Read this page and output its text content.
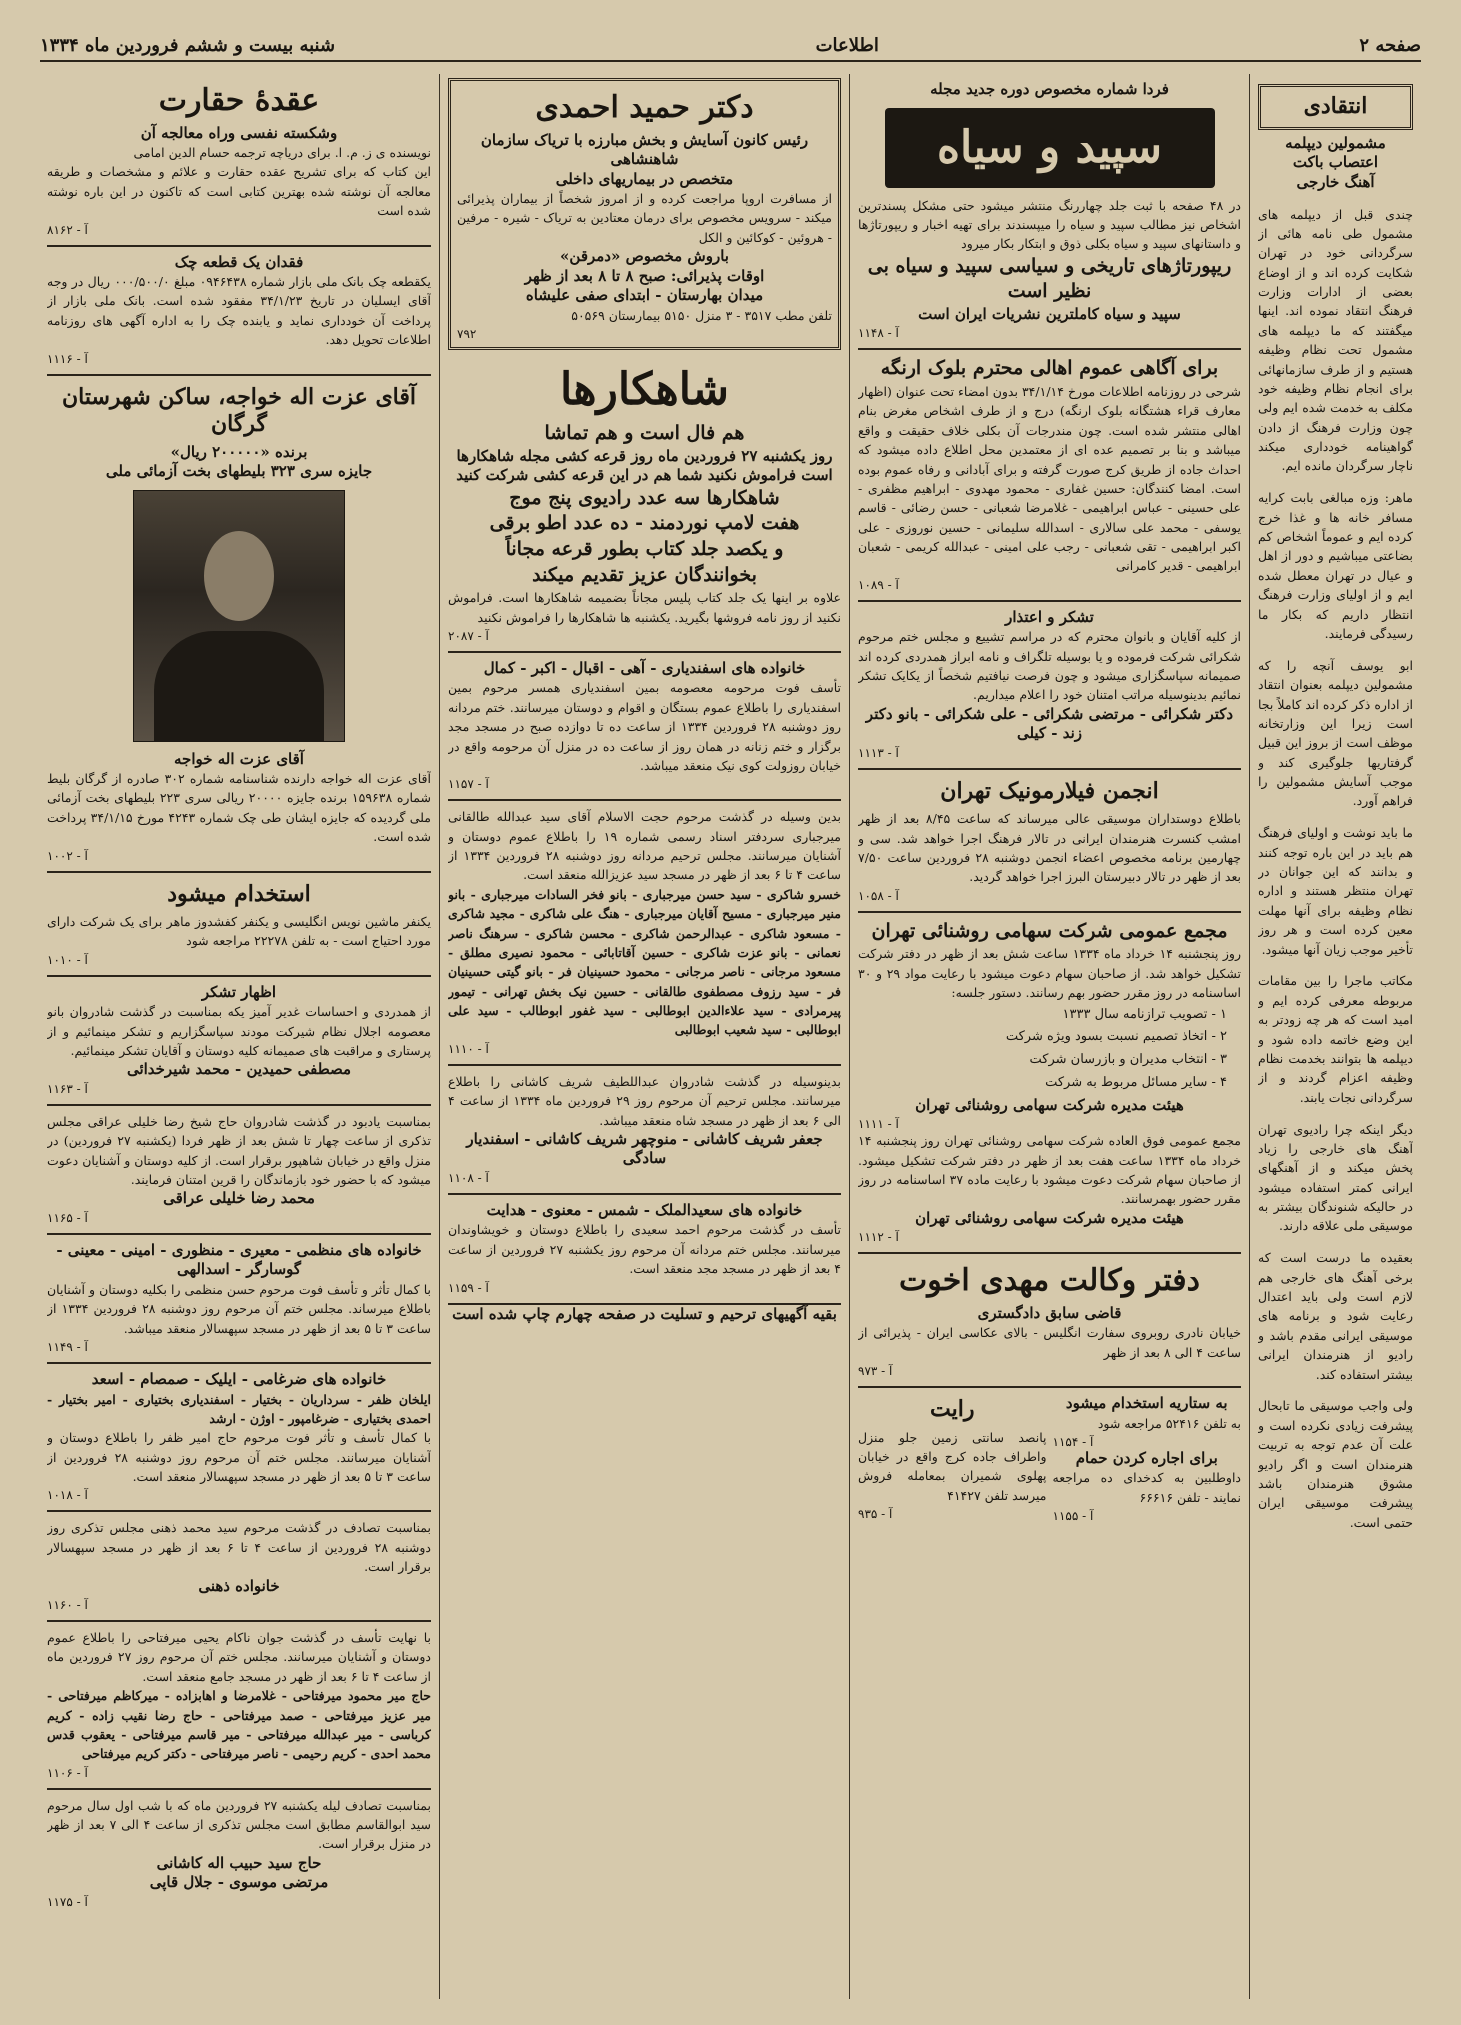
صفحه ۲
اطلاعات
شنبه بیست و ششم فروردین ماه ۱۳۳۴
انتقادی
مشمولین دیپلمه اعتصاب باکت
آهنگ خارجی

چندی قبل از دیپلمه های مشمول طی نامه هائی از سرگردانی خود در تهران شکایت کرده اند و از اوضاع بعضی از ادارات وزارت فرهنگ انتقاد نموده اند. اینها میگفتند که ما دیپلمه های مشمول تحت نظام وظیفه هستیم و از طرف سازمانهائی برای انجام نظام وظیفه خود مکلف به خدمت شده ایم ولی چون وزارت فرهنگ از دادن گواهینامه خودداری میکند ناچار سرگردان مانده ایم.

ماهر: وزه مبالغی بابت کرایه مسافر خانه ها و غذا خرج کرده ایم و عموماً اشخاص کم بضاعتی میباشیم و دور از اهل و عیال در تهران معطل شده ایم و از اولیای وزارت فرهنگ انتظار داریم که بکار ما رسیدگی فرمایند.

ابو یوسف آنچه را که مشمولین دیپلمه بعنوان انتقاد از اداره ذکر کرده اند کاملاً بجا است زیرا این وزارتخانه موظف است از بروز این قبیل گرفتاریها جلوگیری کند و موجب آسایش مشمولین را فراهم آورد.

ما باید نوشت و اولیای فرهنگ هم باید در این باره توجه کنند و بدانند که این جوانان در تهران منتظر هستند و اداره نظام وظیفه برای آنها مهلت معین کرده است و هر روز تأخیر موجب زیان آنها میشود.

مکاتب ماجرا را بین مقامات مربوطه معرفی کرده ایم و امید است که هر چه زودتر به این وضع خاتمه داده شود و دیپلمه ها بتوانند بخدمت نظام وظیفه اعزام گردند و از سرگردانی نجات یابند.

دیگر اینکه چرا رادیوی تهران آهنگ های خارجی را زیاد پخش میکند و از آهنگهای ایرانی کمتر استفاده میشود در حالیکه شنوندگان بیشتر به موسیقی ملی علاقه دارند.

بعقیده ما درست است که برخی آهنگ های خارجی هم لازم است ولی باید اعتدال رعایت شود و برنامه های موسیقی ایرانی مقدم باشد و رادیو از هنرمندان ایرانی بیشتر استفاده کند.

ولی واجب موسیقی ما تابحال پیشرفت زیادی نکرده است و علت آن عدم توجه به تربیت هنرمندان است و اگر رادیو مشوق هنرمندان باشد پیشرفت موسیقی ایران حتمی است.

فردا شماره مخصوص دوره جدید مجله
سپید و سیاه
در ۴۸ صفحه با ثبت جلد چهاررنگ منتشر میشود حتی مشکل پسندترین اشخاص نیز مطالب سپید و سیاه را میپسندند برای تهیه اخبار و ریپورتاژها و داستانهای سپید و سیاه بکلی ذوق و ابتکار بکار میرود
ریپورتاژهای تاریخی و سیاسی سپید و سیاه بی نظیر است
سپید و سیاه کاملترین نشریات ایران است
آ - ۱۱۴۸
برای آگاهی عموم اهالی محترم بلوک ارنگه
شرحی در روزنامه اطلاعات مورخ ۳۴/۱/۱۴ بدون امضاء تحت عنوان (اظهار معارف قراء هشتگانه بلوک ارنگه) درج و از طرف اشخاص مغرض بنام اهالی منتشر شده است. چون مندرجات آن بکلی خلاف حقیقت و واقع میباشد و بنا بر تصمیم عده ای از معتمدین محل اطلاع داده میشود که احداث جاده از طریق کرج صورت گرفته و برای آبادانی و رفاه عموم بوده است. امضا کنندگان: حسین غفاری - محمود مهدوی - ابراهیم مظفری - علی حسینی - عباس ابراهیمی - غلامرضا شعبانی - حسن رضائی - قاسم یوسفی - محمد علی سالاری - اسدالله سلیمانی - حسین نوروزی - علی اکبر ابراهیمی - تقی شعبانی - رجب علی امینی - عبدالله کریمی - شعبان ابراهیمی - قدیر کامرانی
آ - ۱۰۸۹
تشکر و اعتذار
از کلیه آقایان و بانوان محترم که در مراسم تشییع و مجلس ختم مرحوم شکرائی شرکت فرموده و یا بوسیله تلگراف و نامه ابراز همدردی کرده اند صمیمانه سپاسگزاری میشود و چون فرصت نیافتیم شخصاً از یکایک تشکر نمائیم بدینوسیله مراتب امتنان خود را اعلام میداریم.
دکتر شکرائی - مرتضی شکرائی - علی شکرائی - بانو دکتر زند - کیلی
آ - ۱۱۱۳
انجمن فیلارمونیک تهران
باطلاع دوستداران موسیقی عالی میرساند که ساعت ۸/۴۵ بعد از ظهر امشب کنسرت هنرمندان ایرانی در تالار فرهنگ اجرا خواهد شد. سی و چهارمین برنامه مخصوص اعضاء انجمن دوشنبه ۲۸ فروردین ساعت ۷/۵۰ بعد از ظهر در تالار دبیرستان البرز اجرا خواهد گردید.
آ - ۱۰۵۸
مجمع عمومی شرکت سهامی روشنائی تهران
روز پنجشنبه ۱۴ خرداد ماه ۱۳۳۴ ساعت شش بعد از ظهر در دفتر شرکت تشکیل خواهد شد. از صاحبان سهام دعوت میشود با رعایت مواد ۲۹ و ۳۰ اساسنامه در روز مقرر حضور بهم رسانند. دستور جلسه:
۱ - تصویب ترازنامه سال ۱۳۳۳
۲ - اتخاذ تصمیم نسبت بسود ویژه شرکت
۳ - انتخاب مدیران و بازرسان شرکت
۴ - سایر مسائل مربوط به شرکت
هیئت مدیره شرکت سهامی روشنائی تهران
آ - ۱۱۱۱
مجمع عمومی فوق العاده شرکت سهامی روشنائی تهران روز پنجشنبه ۱۴ خرداد ماه ۱۳۳۴ ساعت هفت بعد از ظهر در دفتر شرکت تشکیل میشود. از صاحبان سهام شرکت دعوت میشود با رعایت ماده ۳۷ اساسنامه در روز مقرر حضور بهمرسانند.
هیئت مدیره شرکت سهامی روشنائی تهران
آ - ۱۱۱۲
دفتر وکالت مهدی اخوت
قاضی سابق دادگستری
خیابان نادری روبروی سفارت انگلیس - بالای عکاسی ایران - پذیرائی از ساعت ۴ الی ۸ بعد از ظهر
آ - ۹۷۳
به ستاریه استخدام میشود
به تلفن ۵۲۴۱۶ مراجعه شود
آ - ۱۱۵۴
برای اجاره کردن حمام
داوطلبین به کدخدای ده مراجعه نمایند - تلفن ۶۶۶۱۶
آ - ۱۱۵۵
رایت
پانصد سانتی زمین جلو منزل واطراف جاده کرج واقع در خیابان پهلوی شمیران بمعامله فروش میرسد تلفن ۴۱۴۲۷
آ - ۹۳۵
دکتر حمید احمدی
رئیس کانون آسایش و بخش مبارزه با تریاک سازمان شاهنشاهی
متخصص در بیماریهای داخلی
از مسافرت اروپا مراجعت کرده و از امروز شخصاً از بیماران پذیرائی میکند - سرویس مخصوص برای درمان معتادین به تریاک - شیره - مرفین - هروئین - کوکائین و الکل
باروش مخصوص «دمرقن»
اوقات پذیرائی: صبح ۸ تا ۸ بعد از ظهر
میدان بهارستان - ابتدای صفی علیشاه
تلفن مطب ۳۵۱۷ - ۳ منزل ۵۱۵۰ بیمارستان ۵۰۵۶۹
۷۹۲
شاهکارها
هم فال است و هم تماشا
روز یکشنبه ۲۷ فروردین ماه روز قرعه کشی مجله شاهکارها است فراموش نکنید شما هم در این قرعه کشی شرکت کنید
شاهکارها سه عدد رادیوی پنج موج
هفت لامپ نوردمند - ده عدد اطو برقی
و یکصد جلد کتاب بطور قرعه مجاناً
بخوانندگان عزیز تقدیم میکند
علاوه بر اینها یک جلد کتاب پلیس مجاناً بضمیمه شاهکارها است. فراموش نکنید از روز نامه فروشها بگیرید. یکشنبه ها شاهکارها را فراموش نکنید
آ - ۲۰۸۷
خانواده های اسفندیاری - آهی - اقبال - اکبر - کمال
تأسف فوت مرحومه معصومه بمین اسفندیاری همسر مرحوم بمین اسفندیاری را باطلاع عموم بستگان و اقوام و دوستان میرسانند. ختم مردانه روز دوشنبه ۲۸ فروردین ۱۳۳۴ از ساعت ده تا دوازده صبح در مسجد مجد برگزار و ختم زنانه در همان روز از ساعت ده در منزل آن مرحومه واقع در خیابان روزولت کوی نیک منعقد میباشد.
آ - ۱۱۵۷
بدین وسیله در گذشت مرحوم حجت الاسلام آقای سید عبدالله طالقانی میرجباری سردفتر اسناد رسمی شماره ۱۹ را باطلاع عموم دوستان و آشنایان میرسانند. مجلس ترحیم مردانه روز دوشنبه ۲۸ فروردین ۱۳۳۴ از ساعت ۴ تا ۶ بعد از ظهر در مسجد سید عزیزالله منعقد است.
خسرو شاکری - سید حسن میرجباری - بانو فخر السادات میرجباری - بانو منیر میرجباری - مسیح آقایان میرجباری - هنگ علی شاکری - مجید شاکری - مسعود شاکری - عبدالرحمن شاکری - محسن شاکری - سرهنگ ناصر نعمانی - بانو عزت شاکری - حسین آقاتابائی - محمود نصیری مطلق - مسعود مرجانی - ناصر مرجانی - محمود حسینیان فر - بانو گیتی حسینیان فر - سید رزوف مصطفوی طالقانی - حسین نیک بخش تهرانی - تیمور پیرمرادی - سید علاءالدین ابوطالبی - سید غفور ابوطالب - سید علی ابوطالبی - سید شعیب ابوطالبی
آ - ۱۱۱۰
بدینوسیله در گذشت شادروان عبداللطیف شریف کاشانی را باطلاع میرسانند. مجلس ترحیم آن مرحوم روز ۲۹ فروردین ماه ۱۳۳۴ از ساعت ۴ الی ۶ بعد از ظهر در مسجد شاه منعقد میباشد.
جعفر شریف کاشانی - منوچهر شریف کاشانی - اسفندیار سادگی
آ - ۱۱۰۸
خانواده های سعیدالملک - شمس - معنوی - هدایت
تأسف در گذشت مرحوم احمد سعیدی را باطلاع دوستان و خویشاوندان میرسانند. مجلس ختم مردانه آن مرحوم روز یکشنبه ۲۷ فروردین از ساعت ۴ بعد از ظهر در مسجد مجد منعقد است.
آ - ۱۱۵۹
بقیه آگهیهای ترحیم و تسلیت در صفحه چهارم چاپ شده است
عقدهٔ حقارت
وشکسته نفسی وراه معالجه آن
نویسنده ی ز. م. ا. برای دریاچه ترجمه حسام الدین امامی
این کتاب که برای تشریح عقده حقارت و علائم و مشخصات و طریقه معالجه آن نوشته شده بهترین کتابی است که تاکنون در این باره نوشته شده است
آ - ۸۱۶۲
فقدان یک قطعه چک
یکقطعه چک بانک ملی بازار شماره ۰۹۴۶۴۳۸ مبلغ ۰۰۰/۵۰۰/۰ ریال در وجه آقای ایسلیان در تاریخ ۳۴/۱/۲۳ مفقود شده است. بانک ملی بازار از پرداخت آن خودداری نماید و یابنده چک را به اداره آگهی های روزنامه اطلاعات تحویل دهد.
آ - ۱۱۱۶
آقای عزت اله خواجه، ساکن شهرستان گرگان
برنده «۲۰۰۰۰۰ ریال»
جایزه سری ۳۲۳ بلیطهای بخت آزمائی ملی
آقای عزت اله خواجه
آقای عزت اله خواجه دارنده شناسنامه شماره ۳۰۲ صادره از گرگان بلیط شماره ۱۵۹۶۳۸ برنده جایزه ۲۰۰۰۰ ریالی سری ۲۲۳ بلیطهای بخت آزمائی ملی گردیده که جایزه ایشان طی چک شماره ۴۲۴۳ مورخ ۳۴/۱/۱۵ پرداخت شده است.
آ - ۱۰۰۲
استخدام میشود
یکنفر ماشین نویس انگلیسی و یکنفر کفشدوز ماهر برای یک شرکت دارای مورد احتیاج است - به تلفن ۲۲۲۷۸ مراجعه شود
آ - ۱۰۱۰
اظهار تشکر
از همدردی و احساسات غدیر آمیز یکه بمناسبت در گذشت شادروان بانو معصومه اجلال نظام شیرکت مودند سپاسگزاریم و تشکر مینمائیم و از پرستاری و مراقبت های صمیمانه کلیه دوستان و آقایان تشکر مینمائیم.
مصطفی حمیدین - محمد شیرخدائی
آ - ۱۱۶۳
بمناسبت یادبود در گذشت شادروان حاج شیخ رضا خلیلی عراقی مجلس تذکری از ساعت چهار تا شش بعد از ظهر فردا (یکشنبه ۲۷ فروردین) در منزل واقع در خیابان شاهپور برقرار است. از کلیه دوستان و آشنایان دعوت میشود که با حضور خود بازماندگان را قرین امتنان فرمایند.
محمد رضا خلیلی عراقی
آ - ۱۱۶۵
خانواده های منظمی - معیری - منظوری - امینی - معینی - گوسارگر - اسدالهی
با کمال تأثر و تأسف فوت مرحوم حسن منظمی را بکلیه دوستان و آشنایان باطلاع میرساند. مجلس ختم آن مرحوم روز دوشنبه ۲۸ فروردین ۱۳۳۴ از ساعت ۳ تا ۵ بعد از ظهر در مسجد سپهسالار منعقد میباشد.
آ - ۱۱۴۹
خانواده های ضرغامی - ایلیک - صمصام - اسعد
ایلخان ظفر - سرداریان - بختیار - اسفندیاری بختیاری - امیر بختیار - احمدی بختیاری - ضرغامپور - اوژن - ارشد
با کمال تأسف و تأثر فوت مرحوم حاج امیر ظفر را باطلاع دوستان و آشنایان میرسانند. مجلس ختم آن مرحوم روز دوشنبه ۲۸ فروردین از ساعت ۳ تا ۵ بعد از ظهر در مسجد سپهسالار منعقد است.
آ - ۱۰۱۸
بمناسبت تصادف در گذشت مرحوم سید محمد ذهنی مجلس تذکری روز دوشنبه ۲۸ فروردین از ساعت ۴ تا ۶ بعد از ظهر در مسجد سپهسالار برقرار است.
خانواده ذهنی
آ - ۱۱۶۰
با نهایت تأسف در گذشت جوان ناکام یحیی میرفتاحی را باطلاع عموم دوستان و آشنایان میرسانند. مجلس ختم آن مرحوم روز ۲۷ فروردین ماه از ساعت ۴ تا ۶ بعد از ظهر در مسجد جامع منعقد است.
حاج میر محمود میرفتاحی - غلامرضا و اهابزاده - میرکاظم میرفتاحی - میر عزیز میرفتاحی - صمد میرفتاحی - حاج رضا نقیب زاده - کریم کرباسی - میر عبدالله میرفتاحی - میر قاسم میرفتاحی - یعقوب قدس محمد احدی - کریم رحیمی - ناصر میرفتاحی - دکتر کریم میرفتاحی
آ - ۱۱۰۶
بمناسبت تصادف لیله یکشنبه ۲۷ فروردین ماه که با شب اول سال مرحوم سید ابوالقاسم مطابق است مجلس تذکری از ساعت ۴ الی ۷ بعد از ظهر در منزل برقرار است.
حاج سید حبیب اله کاشانی
مرتضی موسوی - جلال قاپی
آ - ۱۱۷۵
